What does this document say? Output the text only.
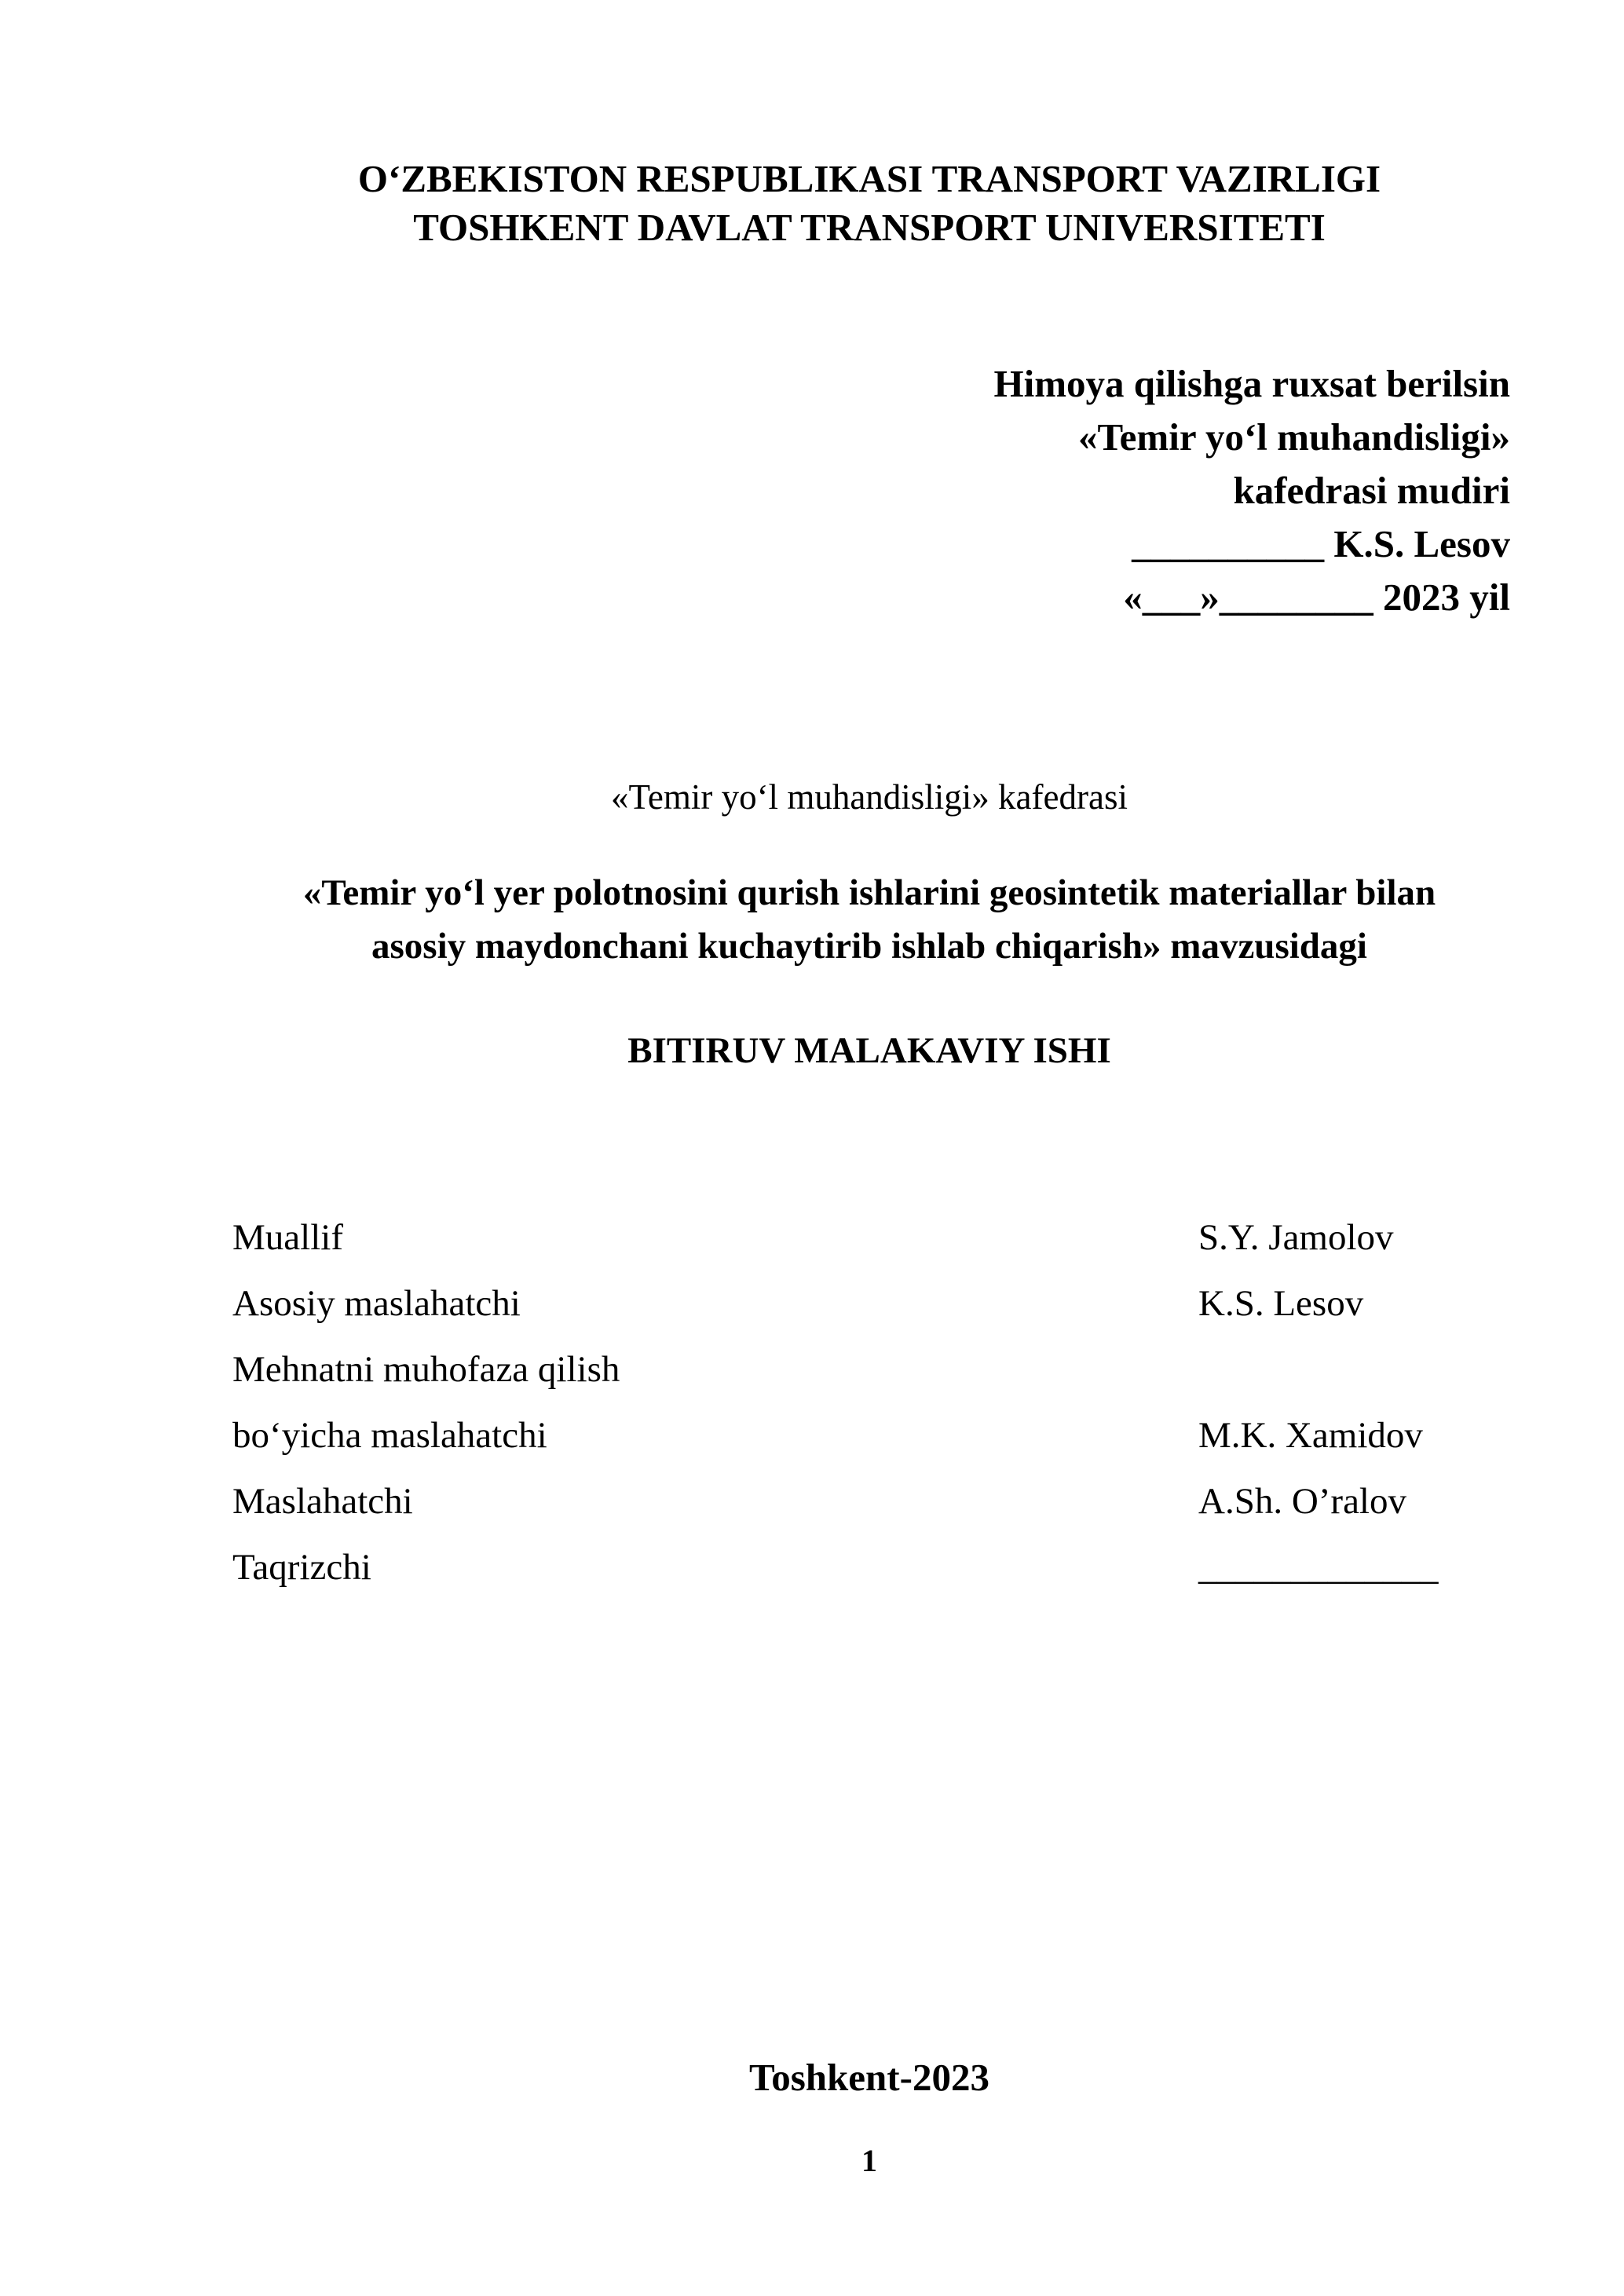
O‘ZBEKISTON RESPUBLIKASI TRANSPORT VAZIRLIGI
TOSHKENT DAVLAT TRANSPORT UNIVERSITETI
Himoya qilishga ruxsat berilsin
«Temir yo‘l muhandisligi»
kafedrasi mudiri
__________ K.S. Lesov
«___»________ 2023 yil
«Temir yo‘l muhandisligi» kafedrasi
«Temir yo‘l yer polotnosini qurish ishlarini geosintetik materiallar bilan
asosiy maydonchani kuchaytirib ishlab chiqarish» mavzusidagi
BITIRUV MALAKAVIY ISHI
Muallif	S.Y. Jamolov
Asosiy maslahatchi	K.S. Lesov
Mehnatni muhofaza qilish
bo‘yicha maslahatchi	M.K. Xamidov
Maslahatchi	A.Sh. O’ralov
Taqrizchi	_____________
Toshkent-2023
1
